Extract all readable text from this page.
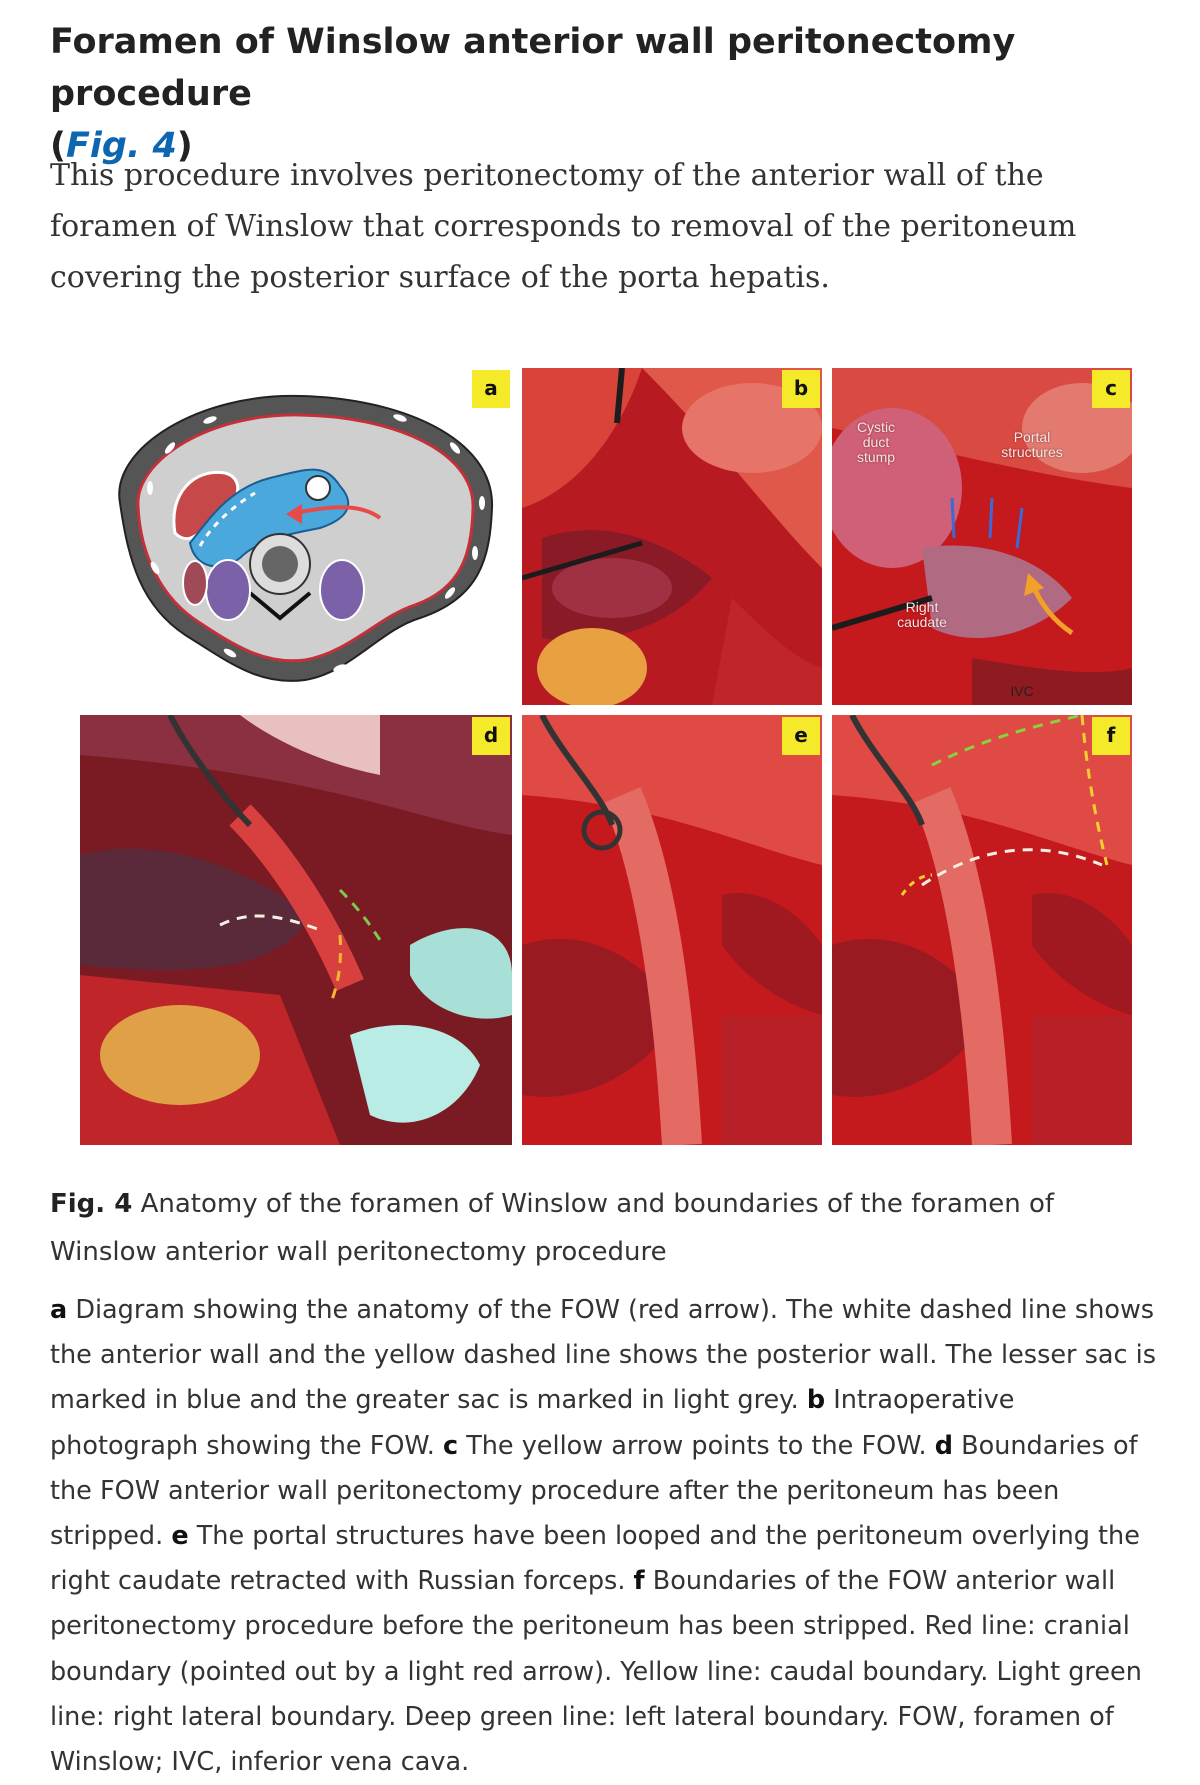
Foramen of Winslow anterior wall peritonectomy procedure
(Fig. 4)

This procedure involves peritonectomy of the anterior wall of the foramen of Winslow that corresponds to removal of the peritoneum covering the posterior surface of the porta hepatis.

a	b
Cystic duct stump
Portal structures
Right caudate
IVC
c
d	e	f

Fig. 4 Anatomy of the foramen of Winslow and boundaries of the foramen of Winslow anterior wall peritonectomy procedure

a Diagram showing the anatomy of the FOW (red arrow). The white dashed line shows the anterior wall and the yellow dashed line shows the posterior wall. The lesser sac is marked in blue and the greater sac is marked in light grey. b Intraoperative photograph showing the FOW. c The yellow arrow points to the FOW. d Boundaries of the FOW anterior wall peritonectomy procedure after the peritoneum has been stripped. e The portal structures have been looped and the peritoneum overlying the right caudate retracted with Russian forceps. f Boundaries of the FOW anterior wall peritonectomy procedure before the peritoneum has been stripped. Red line: cranial boundary (pointed out by a light red arrow). Yellow line: caudal boundary. Light green line: right lateral boundary. Deep green line: left lateral boundary. FOW, foramen of Winslow; IVC, inferior vena cava.
